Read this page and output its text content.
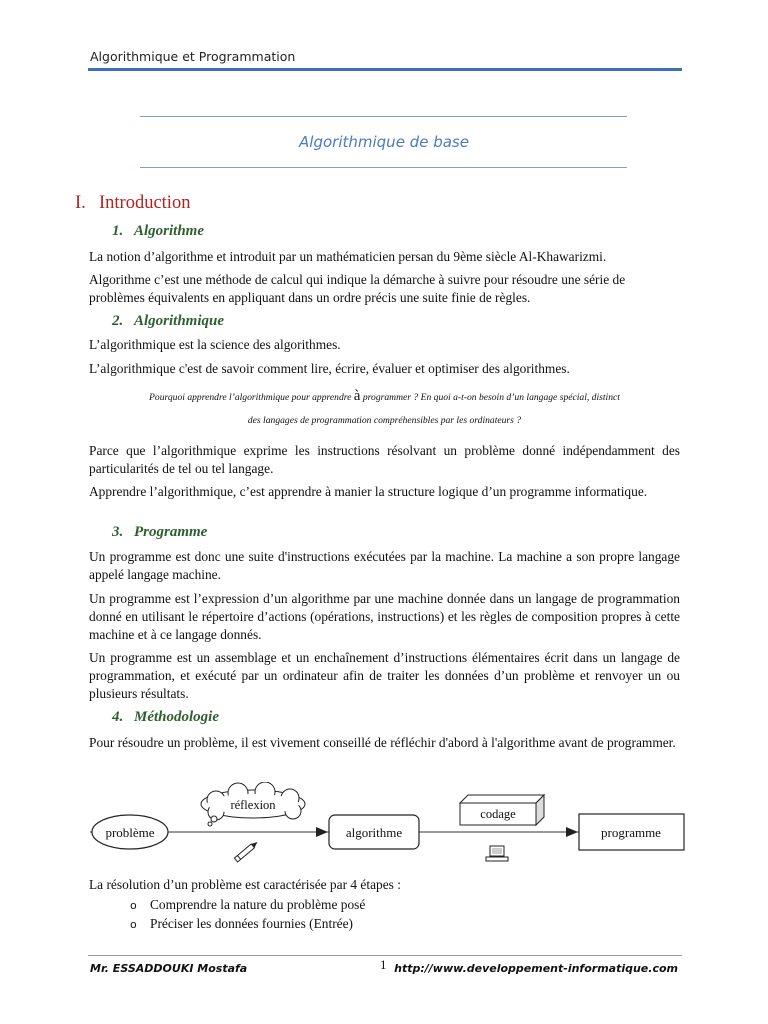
Algorithmique et Programmation
Algorithmique de base
I. Introduction
1. Algorithme
La notion d’algorithme et introduit par un mathématicien persan du 9ème siècle Al-Khawarizmi.
Algorithme c’est une méthode de calcul qui indique la démarche à suivre pour résoudre une série de problèmes équivalents en appliquant dans un ordre précis une suite finie de règles.
2. Algorithmique
L’algorithmique est la science des algorithmes.
L’algorithmique c'est de savoir comment lire, écrire, évaluer et optimiser des algorithmes.
Pourquoi apprendre l’algorithmique pour apprendre à programmer ? En quoi a-t-on besoin d’un langage spécial, distinct
des langages de programmation compréhensibles par les ordinateurs ?
Parce que l’algorithmique exprime les instructions résolvant un problème donné indépendamment des particularités de tel ou tel langage.
Apprendre l’algorithmique, c’est apprendre à manier la structure logique d’un programme informatique.
3. Programme
Un programme est donc une suite d'instructions exécutées par la machine. La machine a son propre langage appelé langage machine.
Un programme est l’expression d’un algorithme par une machine donnée dans un langage de programmation donné en utilisant le répertoire d’actions (opérations, instructions) et les règles de composition propres à cette machine et à ce langage donnés.
Un programme est un assemblage et un enchaînement d’instructions élémentaires écrit dans un langage de programmation, et exécuté par un ordinateur afin de traiter les données d’un problème et renvoyer un ou plusieurs résultats.
4. Méthodologie
Pour résoudre un problème, il est vivement conseillé de réfléchir d'abord à l'algorithme avant de programmer.
problème
réflexion
algorithme
codage
programme
La résolution d’un problème est caractérisée par 4 étapes :
o Comprendre la nature du problème posé
o Préciser les données fournies (Entrée)
Mr. ESSADDOUKI Mostafa	1 http://www.developpement-informatique.com
